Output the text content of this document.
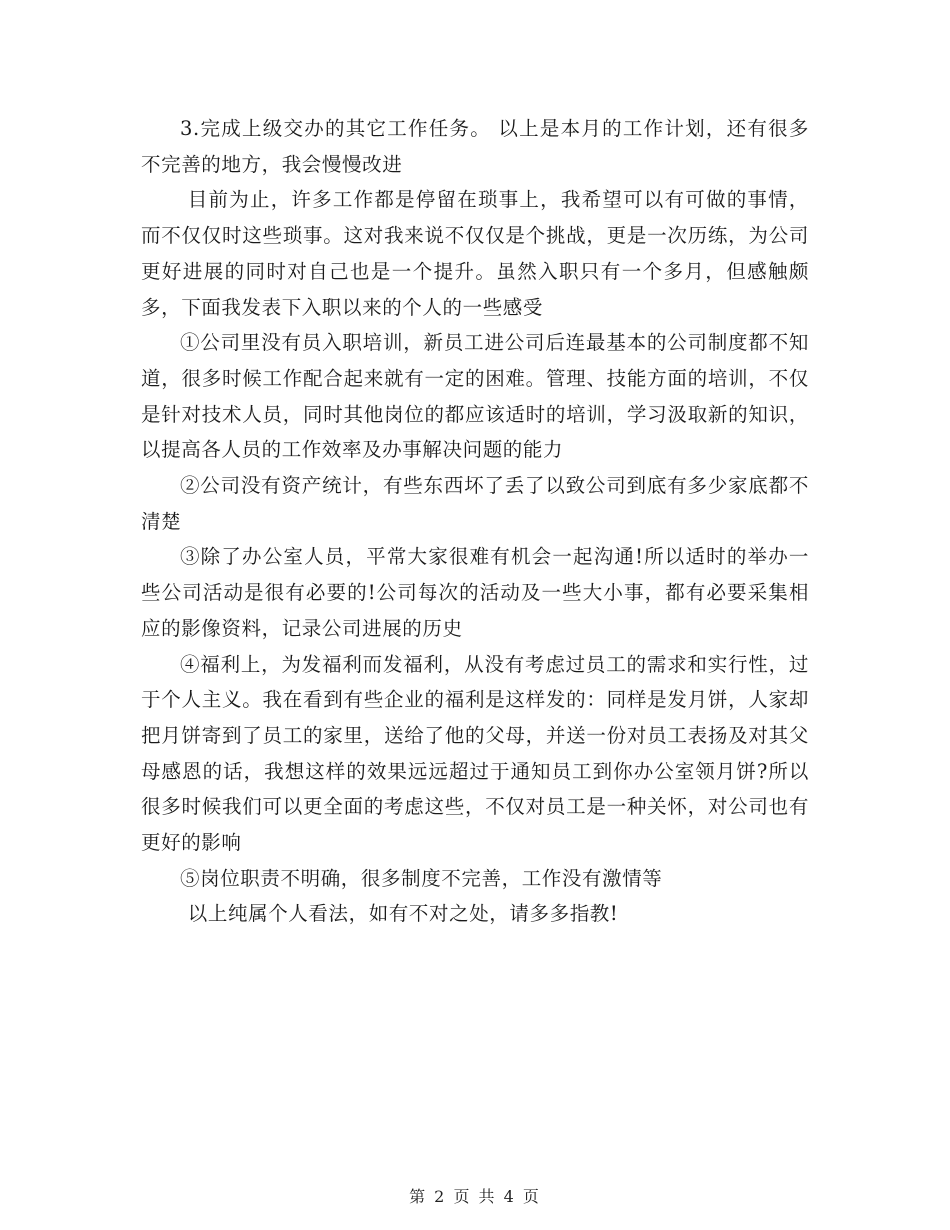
3.完成上级交办的其它工作任务。 以上是本月的工作计划，还有很多不完善的地方，我会慢慢改进

目前为止，许多工作都是停留在琐事上，我希望可以有可做的事情，而不仅仅时这些琐事。这对我来说不仅仅是个挑战，更是一次历练，为公司更好进展的同时对自己也是一个提升。虽然入职只有一个多月，但感触颇多，下面我发表下入职以来的个人的一些感受

①公司里没有员入职培训，新员工进公司后连最基本的公司制度都不知道，很多时候工作配合起来就有一定的困难。管理、技能方面的培训，不仅是针对技术人员，同时其他岗位的都应该适时的培训，学习汲取新的知识，以提高各人员的工作效率及办事解决问题的能力

②公司没有资产统计，有些东西坏了丢了以致公司到底有多少家底都不清楚

③除了办公室人员，平常大家很难有机会一起沟通!所以适时的举办一些公司活动是很有必要的!公司每次的活动及一些大小事，都有必要采集相应的影像资料，记录公司进展的历史

④福利上，为发福利而发福利，从没有考虑过员工的需求和实行性，过于个人主义。我在看到有些企业的福利是这样发的：同样是发月饼，人家却把月饼寄到了员工的家里，送给了他的父母，并送一份对员工表扬及对其父母感恩的话，我想这样的效果远远超过于通知员工到你办公室领月饼?所以很多时候我们可以更全面的考虑这些，不仅对员工是一种关怀，对公司也有更好的影响

⑤岗位职责不明确，很多制度不完善，工作没有激情等

以上纯属个人看法，如有不对之处，请多多指教!

第 2 页 共 4 页
